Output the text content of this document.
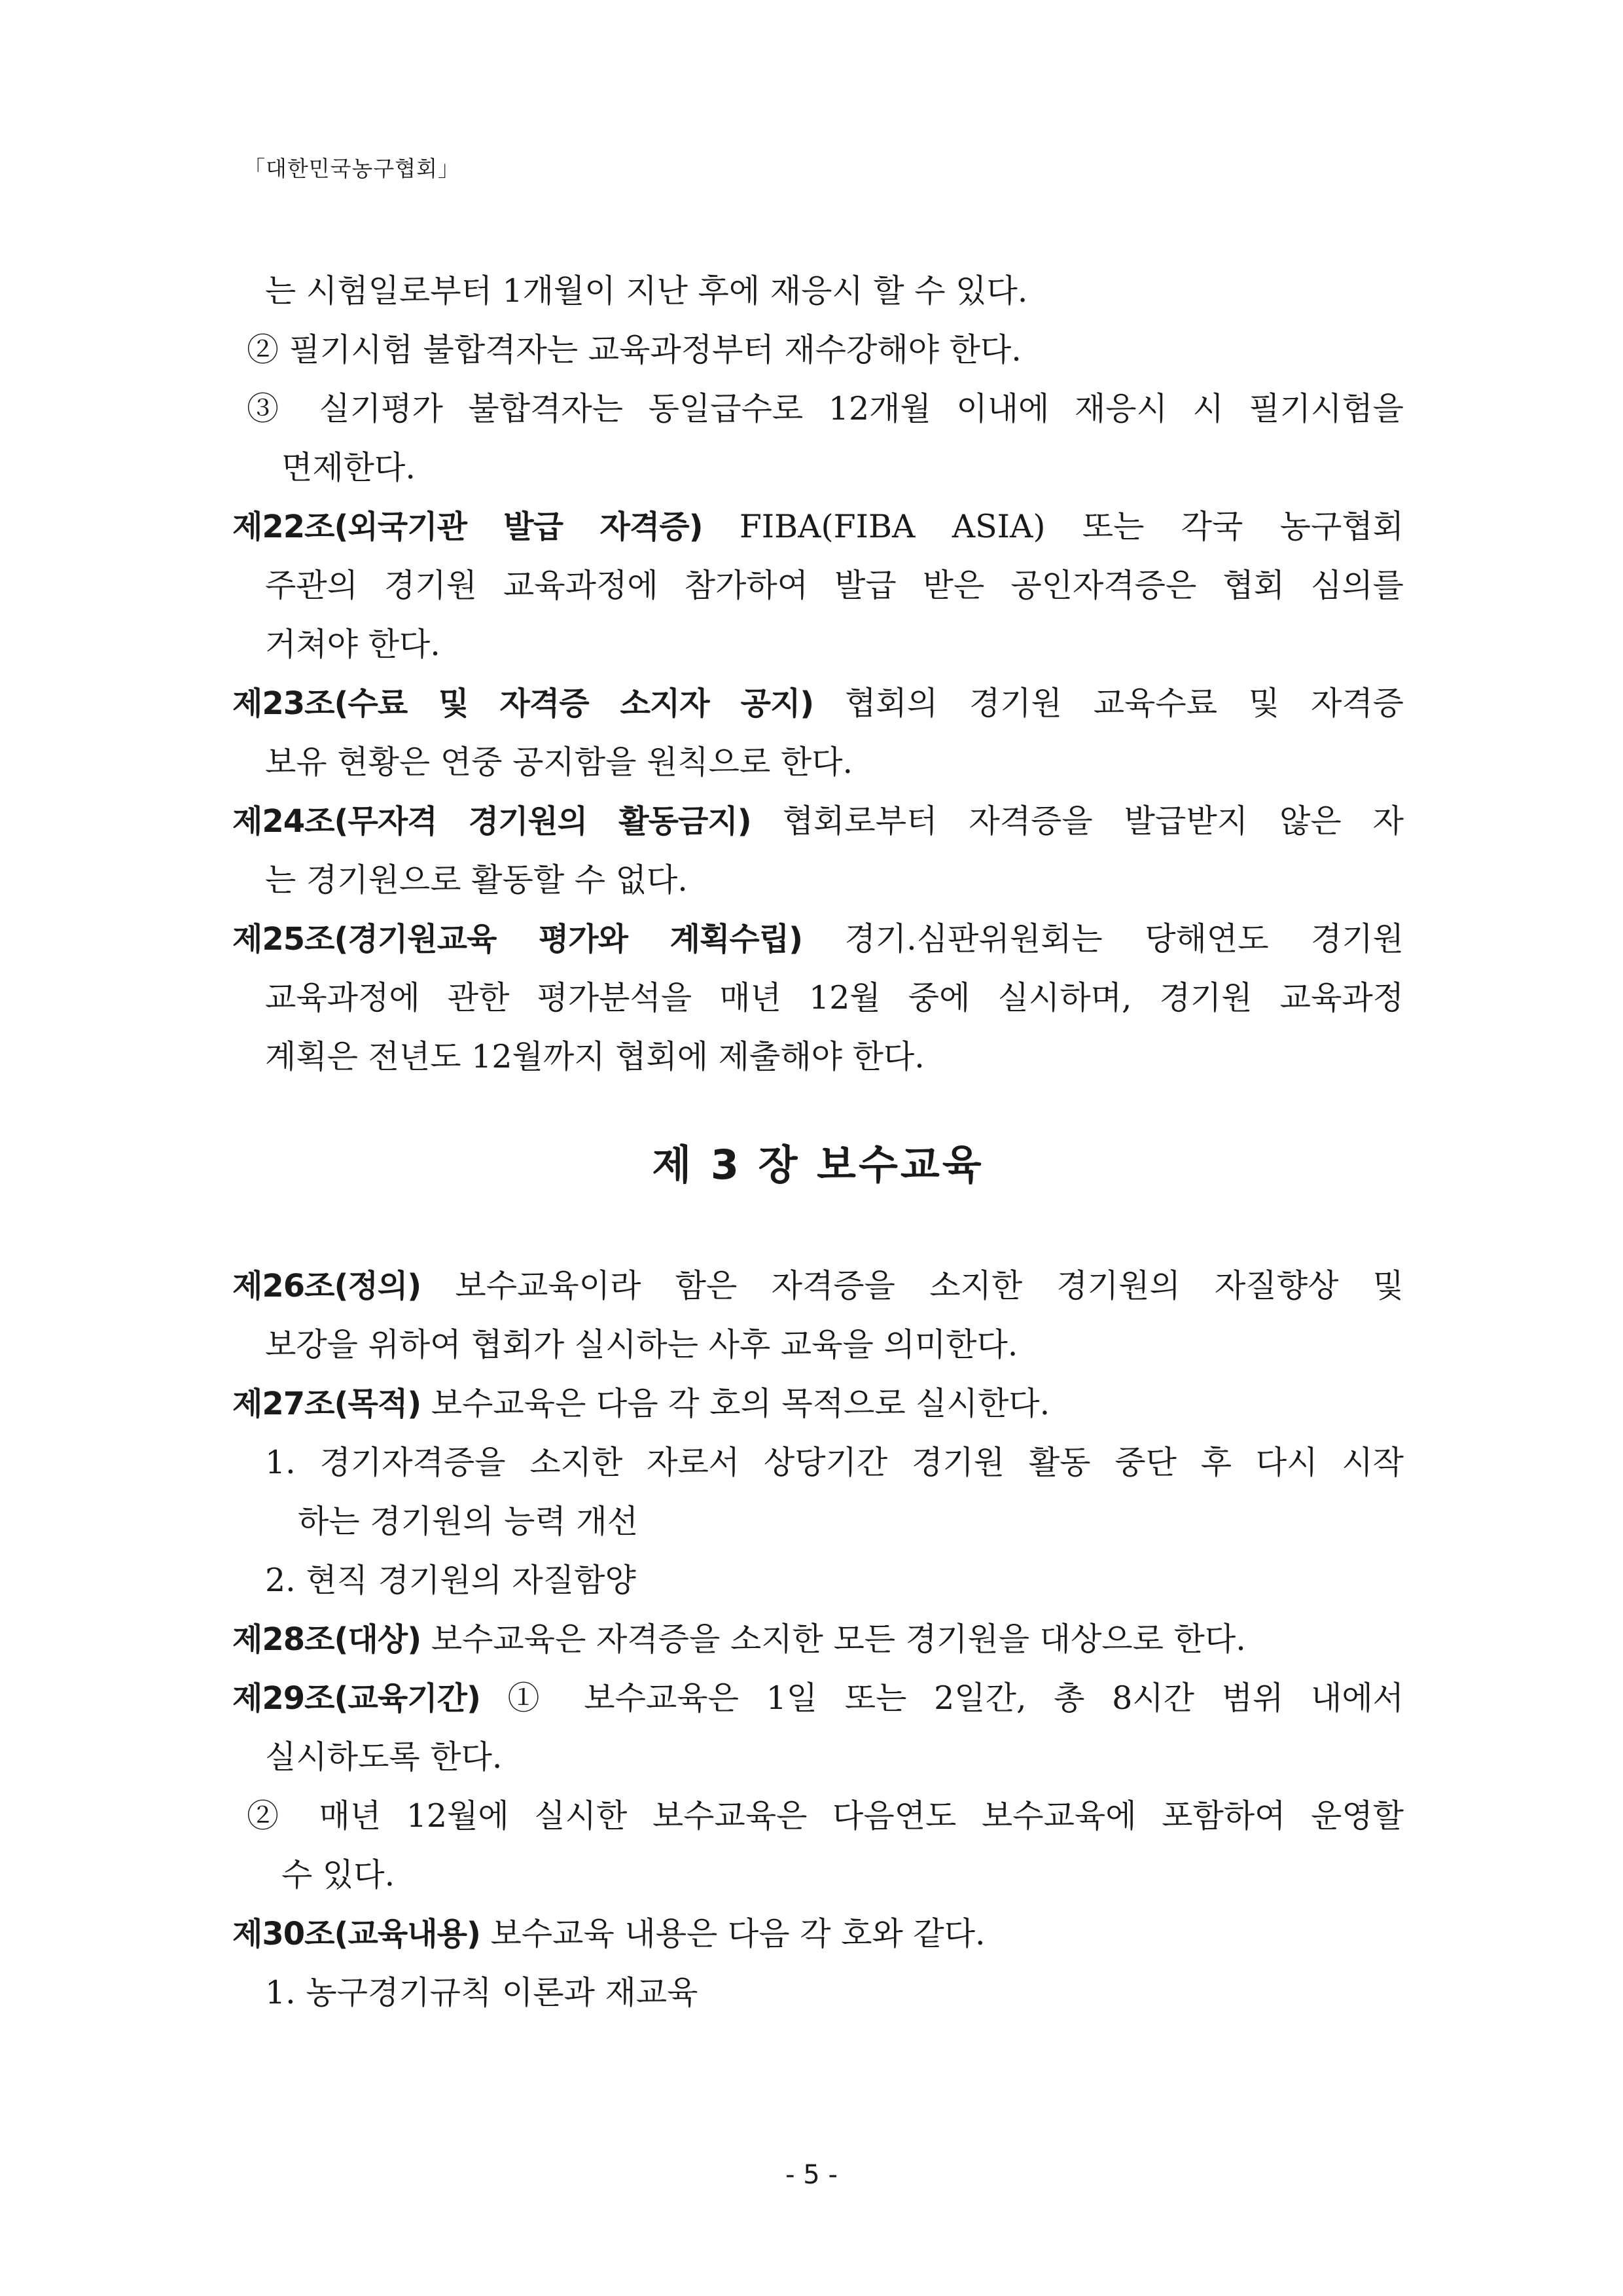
「대한민국농구협회」
는 시험일로부터 1개월이 지난 후에 재응시 할 수 있다.
② 필기시험 불합격자는 교육과정부터 재수강해야 한다.
③ 실기평가 불합격자는 동일급수로 12개월 이내에 재응시 시 필기시험을
면제한다.
제22조(외국기관 발급 자격증) FIBA(FIBA ASIA) 또는 각국 농구협회
주관의 경기원 교육과정에 참가하여 발급 받은 공인자격증은 협회 심의를
거쳐야 한다.
제23조(수료 및 자격증 소지자 공지) 협회의 경기원 교육수료 및 자격증
보유 현황은 연중 공지함을 원칙으로 한다.
제24조(무자격 경기원의 활동금지) 협회로부터 자격증을 발급받지 않은 자
는 경기원으로 활동할 수 없다.
제25조(경기원교육 평가와 계획수립) 경기.심판위원회는 당해연도 경기원
교육과정에 관한 평가분석을 매년 12월 중에 실시하며, 경기원 교육과정
계획은 전년도 12월까지 협회에 제출해야 한다.
제 3 장 보수교육
제26조(정의) 보수교육이라 함은 자격증을 소지한 경기원의 자질향상 및
보강을 위하여 협회가 실시하는 사후 교육을 의미한다.
제27조(목적) 보수교육은 다음 각 호의 목적으로 실시한다.
1. 경기자격증을 소지한 자로서 상당기간 경기원 활동 중단 후 다시 시작
하는 경기원의 능력 개선
2. 현직 경기원의 자질함양
제28조(대상) 보수교육은 자격증을 소지한 모든 경기원을 대상으로 한다.
제29조(교육기간) ① 보수교육은 1일 또는 2일간, 총 8시간 범위 내에서
실시하도록 한다.
② 매년 12월에 실시한 보수교육은 다음연도 보수교육에 포함하여 운영할
수 있다.
제30조(교육내용) 보수교육 내용은 다음 각 호와 같다.
1. 농구경기규칙 이론과 재교육
- 5 -
